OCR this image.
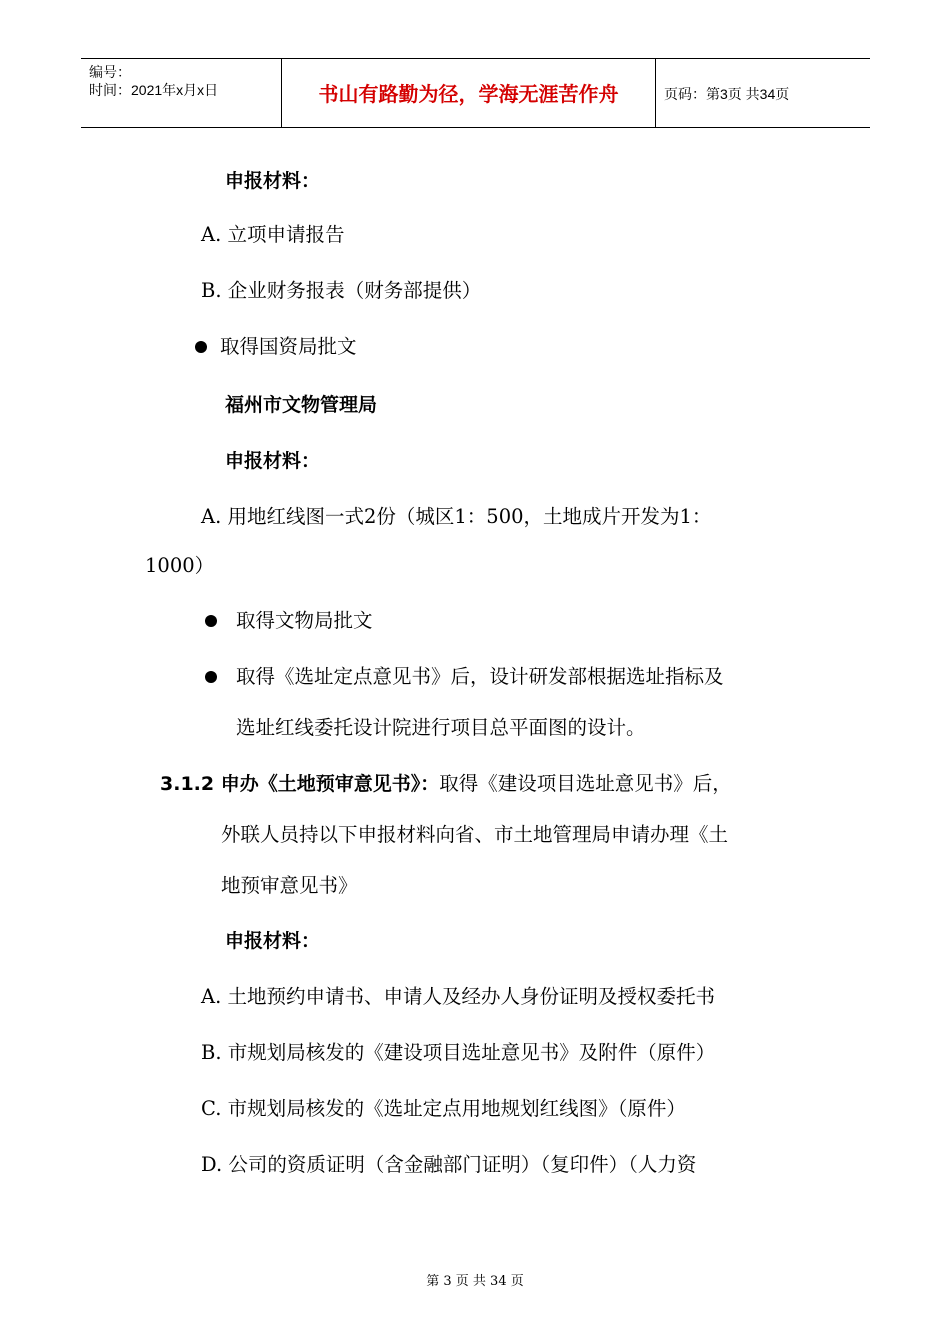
编号：
时间：2021年x月x日	书山有路勤为径，学海无涯苦作舟	页码：第3页 共34页
申报材料：
A. 立项申请报告
B. 企业财务报表（财务部提供）
取得国资局批文
福州市文物管理局
申报材料：
A. 用地红线图一式2份（城区1：500，土地成片开发为1：
1000）
取得文物局批文
取得《选址定点意见书》后，设计研发部根据选址指标及
选址红线委托设计院进行项目总平面图的设计。
3.1.2 申办《土地预审意见书》：取得《建设项目选址意见书》后，
外联人员持以下申报材料向省、市土地管理局申请办理《土
地预审意见书》
申报材料：
A. 土地预约申请书、申请人及经办人身份证明及授权委托书
B. 市规划局核发的《建设项目选址意见书》及附件（原件）
C. 市规划局核发的《选址定点用地规划红线图》（原件）
D. 公司的资质证明（含金融部门证明）（复印件）（人力资
第 3 页 共 34 页
